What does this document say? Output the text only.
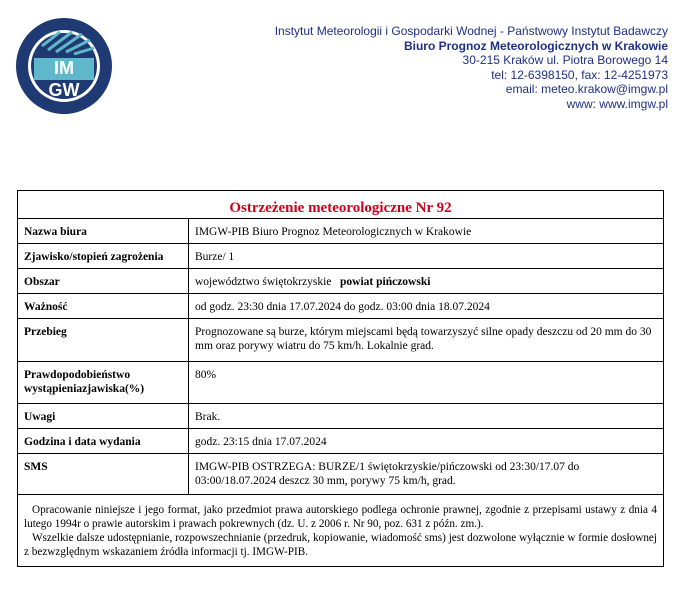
IM
GW
Instytut Meteorologii i Gospodarki Wodnej - Państwowy Instytut Badawczy
Biuro Prognoz Meteorologicznych w Krakowie
30-215 Kraków ul. Piotra Borowego 14
tel: 12-6398150, fax: 12-4251973
email: meteo.krakow@imgw.pl
www: www.imgw.pl
Ostrzeżenie meteorologiczne Nr 92
Nazwa biura	IMGW-PIB Biuro Prognoz Meteorologicznych w Krakowie
Zjawisko/stopień zagrożenia	Burze/ 1
Obszar	województwo świętokrzyskie powiat pińczowski
Ważność	od godz. 23:30 dnia 17.07.2024 do godz. 03:00 dnia 18.07.2024
Przebieg	Prognozowane są burze, którym miejscami będą towarzyszyć silne opady deszczu od 20 mm do 30 mm oraz porywy wiatru do 75 km/h. Lokalnie grad.
Prawdopodobieństwo wystąpieniazjawiska(%)	80%
Uwagi	Brak.
Godzina i data wydania	godz. 23:15 dnia 17.07.2024
SMS	IMGW-PIB OSTRZEGA: BURZE/1 świętokrzyskie/pińczowski od 23:30/17.07 do 03:00/18.07.2024 deszcz 30 mm, porywy 75 km/h, grad.

Opracowanie niniejsze i jego format, jako przedmiot prawa autorskiego podlega ochronie prawnej, zgodnie z przepisami ustawy z dnia 4 lutego 1994r o prawie autorskim i prawach pokrewnych (dz. U. z 2006 r. Nr 90, poz. 631 z późn. zm.).

Wszelkie dalsze udostępnianie, rozpowszechnianie (przedruk, kopiowanie, wiadomość sms) jest dozwolone wyłącznie w formie dosłownej z bezwzględnym wskazaniem źródła informacji tj. IMGW-PIB.
